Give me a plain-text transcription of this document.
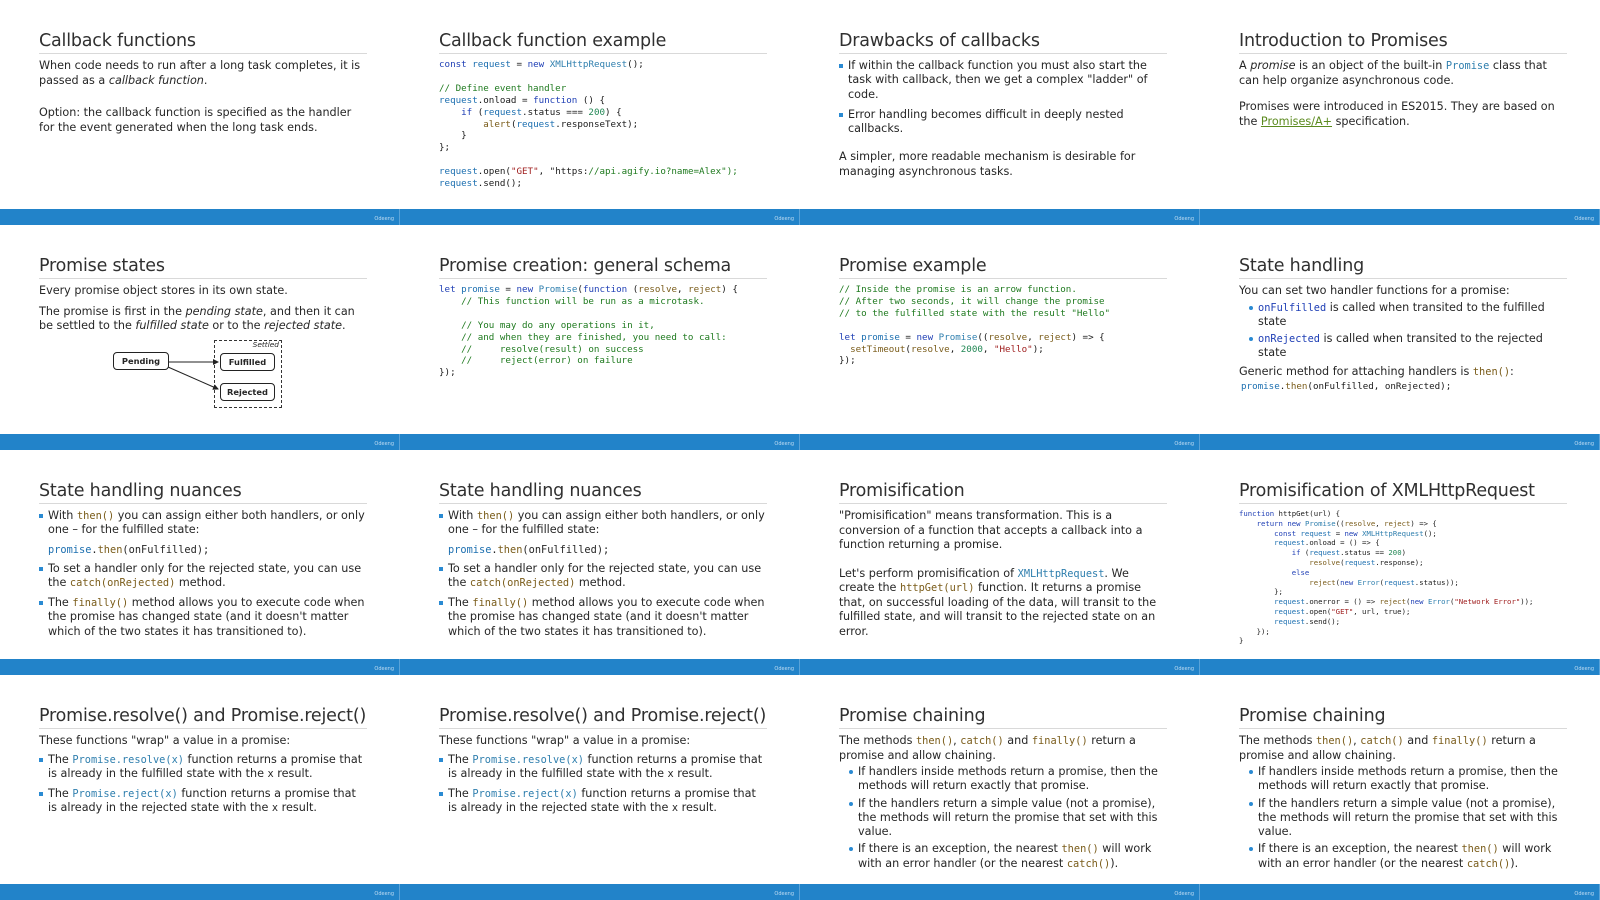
Callback functions

When code needs to run after a long task completes, it is passed as a callback function.

Option: the callback function is specified as the handler for the event generated when the long task ends.

Odeeng
Callback function example
const request = new XMLHttpRequest();

// Define event handler
request.onload = function () {
if (request.status === 200) {
alert(request.responseText);
}
};

request.open("GET", "https://api.agify.io?name=Alex");
request.send();
Odeeng
Drawbacks of callbacks
If within the callback function you must also start the task with callback, then we get a complex "ladder" of code.
Error handling becomes difficult in deeply nested callbacks.

A simpler, more readable mechanism is desirable for managing asynchronous tasks.

Odeeng
Introduction to Promises

A promise is an object of the built-in Promise class that can help organize asynchronous code.

Promises were introduced in ES2015. They are based on the Promises/A+ specification.

Odeeng
Promise states

Every promise object stores in its own state.

The promise is first in the pending state, and then it can be settled to the fulfilled state or to the rejected state.

Settled
Pending	Fulfilled
Rejected
Odeeng
Promise creation: general schema
let promise = new Promise(function (resolve, reject) {
// This function will be run as a microtask.

// You may do any operations in it,
// and when they are finished, you need to call:
//     resolve(result) on success
//     reject(error) on failure
});
Odeeng
Promise example
// Inside the promise is an arrow function.
// After two seconds, it will change the promise
// to the fulfilled state with the result "Hello"

let promise = new Promise((resolve, reject) => {
setTimeout(resolve, 2000, "Hello");
});
Odeeng
State handling

You can set two handler functions for a promise:

onFulfilled is called when transited to the fulfilled state
onRejected is called when transited to the rejected state

Generic method for attaching handlers is then():

promise.then(onFulfilled, onRejected);
Odeeng
State handling nuances
With then() you can assign either both handlers, or only one – for the fulfilled state:
promise.then(onFulfilled);
To set a handler only for the rejected state, you can use the catch(onRejected) method.
The finally() method allows you to execute code when the promise has changed state (and it doesn't matter which of the two states it has transitioned to).
Odeeng
State handling nuances
With then() you can assign either both handlers, or only one – for the fulfilled state:
promise.then(onFulfilled);
To set a handler only for the rejected state, you can use the catch(onRejected) method.
The finally() method allows you to execute code when the promise has changed state (and it doesn't matter which of the two states it has transitioned to).
Odeeng
Promisification

"Promisification" means transformation. This is a conversion of a function that accepts a callback into a function returning a promise.

Let's perform promisification of XMLHttpRequest. We create the httpGet(url) function. It returns a promise that, on successful loading of the data, will transit to the fulfilled state, and will transit to the rejected state on an error.

Odeeng
Promisification of XMLHttpRequest
function httpGet(url) {
return new Promise((resolve, reject) => {
const request = new XMLHttpRequest();
request.onload = () => {
if (request.status == 200)
resolve(request.response);
else
reject(new Error(request.status));
};
request.onerror = () => reject(new Error("Network Error"));
request.open("GET", url, true);
request.send();
});
}
Odeeng
Promise.resolve() and Promise.reject()

These functions "wrap" a value in a promise:

The Promise.resolve(x) function returns a promise that is already in the fulfilled state with the x result.
The Promise.reject(x) function returns a promise that is already in the rejected state with the x result.
Odeeng
Promise.resolve() and Promise.reject()

These functions "wrap" a value in a promise:

The Promise.resolve(x) function returns a promise that is already in the fulfilled state with the x result.
The Promise.reject(x) function returns a promise that is already in the rejected state with the x result.
Odeeng
Promise chaining

The methods then(), catch() and finally() return a promise and allow chaining.

If handlers inside methods return a promise, then the methods will return exactly that promise.
If the handlers return a simple value (not a promise), the methods will return the promise that set with this value.
If there is an exception, the nearest then() will work with an error handler (or the nearest catch()).
Odeeng
Promise chaining

The methods then(), catch() and finally() return a promise and allow chaining.

If handlers inside methods return a promise, then the methods will return exactly that promise.
If the handlers return a simple value (not a promise), the methods will return the promise that set with this value.
If there is an exception, the nearest then() will work with an error handler (or the nearest catch()).
Odeeng
